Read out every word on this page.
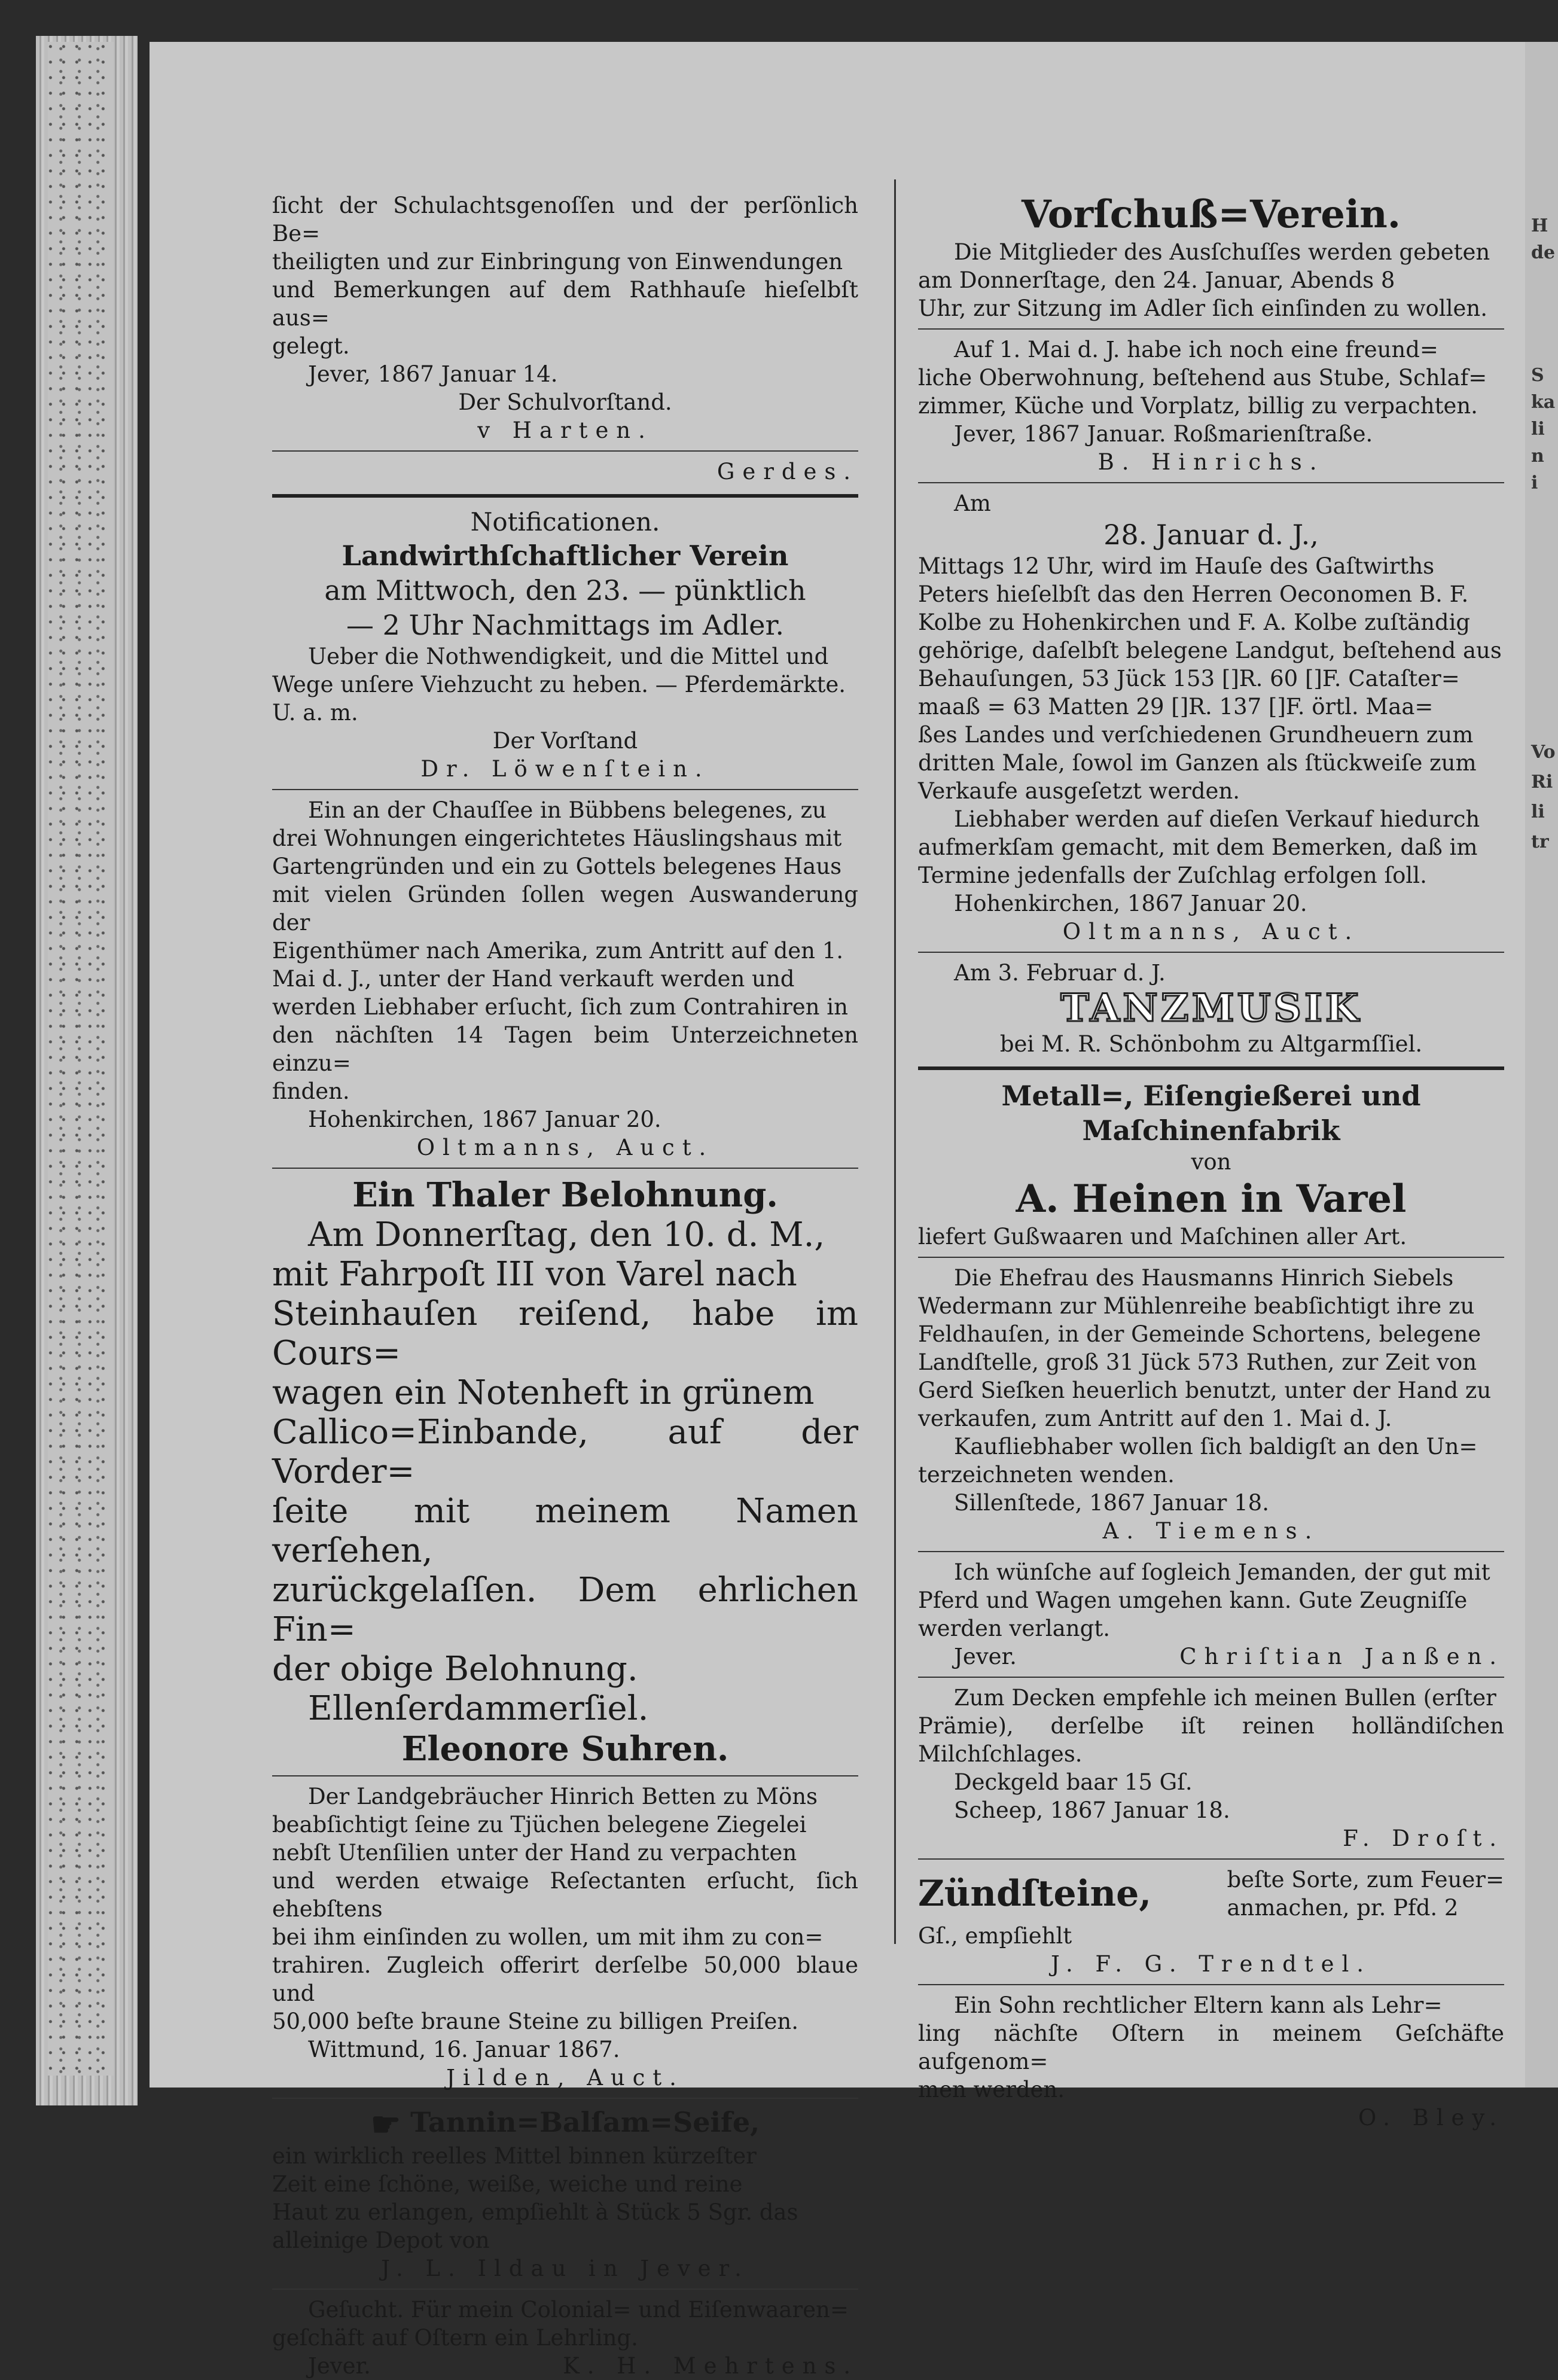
H
de
S
ka
li
n
i
Vo
Ri
li
tr
ſicht der Schulachtsgenoſſen und der perſönlich Be=
theiligten und zur Einbringung von Einwendungen
und Bemerkungen auf dem Rathhauſe hieſelbſt aus=
gelegt.
Jever, 1867 Januar 14.
Der Schulvorſtand.
v Harten.
Gerdes.
Notificationen.
Landwirthſchaftlicher Verein
am Mittwoch, den 23. — pünktlich
— 2 Uhr Nachmittags im Adler.
Ueber die Nothwendigkeit, und die Mittel und
Wege unſere Viehzucht zu heben. — Pferdemärkte.
U. a. m.
Der Vorſtand
Dr. Löwenſtein.
Ein an der Chauſſee in Bübbens belegenes, zu
drei Wohnungen eingerichtetes Häuslingshaus mit
Gartengründen und ein zu Gottels belegenes Haus
mit vielen Gründen ſollen wegen Auswanderung der
Eigenthümer nach Amerika, zum Antritt auf den 1.
Mai d. J., unter der Hand verkauft werden und
werden Liebhaber erſucht, ſich zum Contrahiren in
den nächſten 14 Tagen beim Unterzeichneten einzu=
finden.
Hohenkirchen, 1867 Januar 20.
Oltmanns, Auct.
Ein Thaler Belohnung.
Am Donnerſtag, den 10. d. M.,
mit Fahrpoſt III von Varel nach
Steinhauſen reiſend, habe im Cours=
wagen ein Notenheft in grünem
Callico=Einbande, auf der Vorder=
ſeite mit meinem Namen verſehen,
zurückgelaſſen. Dem ehrlichen Fin=
der obige Belohnung.
Ellenſerdammerſiel.
Eleonore Suhren.
Der Landgebräucher Hinrich Betten zu Möns
beabſichtigt ſeine zu Tjüchen belegene Ziegelei
nebſt Utenſilien unter der Hand zu verpachten
und werden etwaige Reſectanten erſucht, ſich ehebſtens
bei ihm einſinden zu wollen, um mit ihm zu con=
trahiren. Zugleich offerirt derſelbe 50,000 blaue und
50,000 beſte braune Steine zu billigen Preiſen.
Wittmund, 16. Januar 1867.
Jilden, Auct.
☛ Tannin=Balſam=Seife,
ein wirklich reelles Mittel binnen kürzeſter
Zeit eine ſchöne, weiße, weiche und reine
Haut zu erlangen, empſiehlt à Stück 5 Sgr. das
alleinige Depot von
J. L. Ildau in Jever.
Geſucht. Für mein Colonial= und Eiſenwaaren=
geſchäft auf Oſtern ein Lehrling.
Jever.	K. H. Mehrtens.
Vorſchuß=Verein.
Die Mitglieder des Ausſchuſſes werden gebeten
am Donnerſtage, den 24. Januar, Abends 8
Uhr, zur Sitzung im Adler ſich einſinden zu wollen.
Auf 1. Mai d. J. habe ich noch eine freund=
liche Oberwohnung, beſtehend aus Stube, Schlaf=
zimmer, Küche und Vorplatz, billig zu verpachten.
Jever, 1867 Januar. Roßmarienſtraße.
B. Hinrichs.
Am
28. Januar d. J.,
Mittags 12 Uhr, wird im Hauſe des Gaſtwirths
Peters hieſelbſt das den Herren Oeconomen B. F.
Kolbe zu Hohenkirchen und F. A. Kolbe zuſtändig
gehörige, daſelbſt belegene Landgut, beſtehend aus
Behauſungen, 53 Jück 153 []R. 60 []F. Cataſter=
maaß = 63 Matten 29 []R. 137 []F. örtl. Maa=
ßes Landes und verſchiedenen Grundheuern zum
dritten Male, ſowol im Ganzen als ſtückweiſe zum
Verkaufe ausgeſetzt werden.
Liebhaber werden auf dieſen Verkauf hiedurch
aufmerkſam gemacht, mit dem Bemerken, daß im
Termine jedenfalls der Zuſchlag erfolgen ſoll.
Hohenkirchen, 1867 Januar 20.
Oltmanns, Auct.
Am 3. Februar d. J.
TANZMUSIK
bei M. R. Schönbohm zu Altgarmſſiel.
Metall=, Eiſengießerei und
Maſchinenfabrik
von
A. Heinen in Varel
liefert Gußwaaren und Maſchinen aller Art.
Die Ehefrau des Hausmanns Hinrich Siebels
Wedermann zur Mühlenreihe beabſichtigt ihre zu
Feldhauſen, in der Gemeinde Schortens, belegene
Landſtelle, groß 31 Jück 573 Ruthen, zur Zeit von
Gerd Sieſken heuerlich benutzt, unter der Hand zu
verkaufen, zum Antritt auf den 1. Mai d. J.
Kaufliebhaber wollen ſich baldigſt an den Un=
terzeichneten wenden.
Sillenſtede, 1867 Januar 18.
A. Tiemens.
Ich wünſche auf ſogleich Jemanden, der gut mit
Pferd und Wagen umgehen kann. Gute Zeugniſſe
werden verlangt.
Jever.	Chriſtian Janßen.
Zum Decken empfehle ich meinen Bullen (erſter
Prämie), derſelbe iſt reinen holländiſchen Milchſchlages.
Deckgeld baar 15 Gſ.
Scheep, 1867 Januar 18.
F. Droſt.
Zündſteine,	beſte Sorte, zum Feuer=
anmachen, pr. Pfd. 2
Gſ., empſiehlt
J. F. G. Trendtel.
Ein Sohn rechtlicher Eltern kann als Lehr=
ling nächſte Oſtern in meinem Geſchäfte aufgenom=
men werden.
O. Bley.
